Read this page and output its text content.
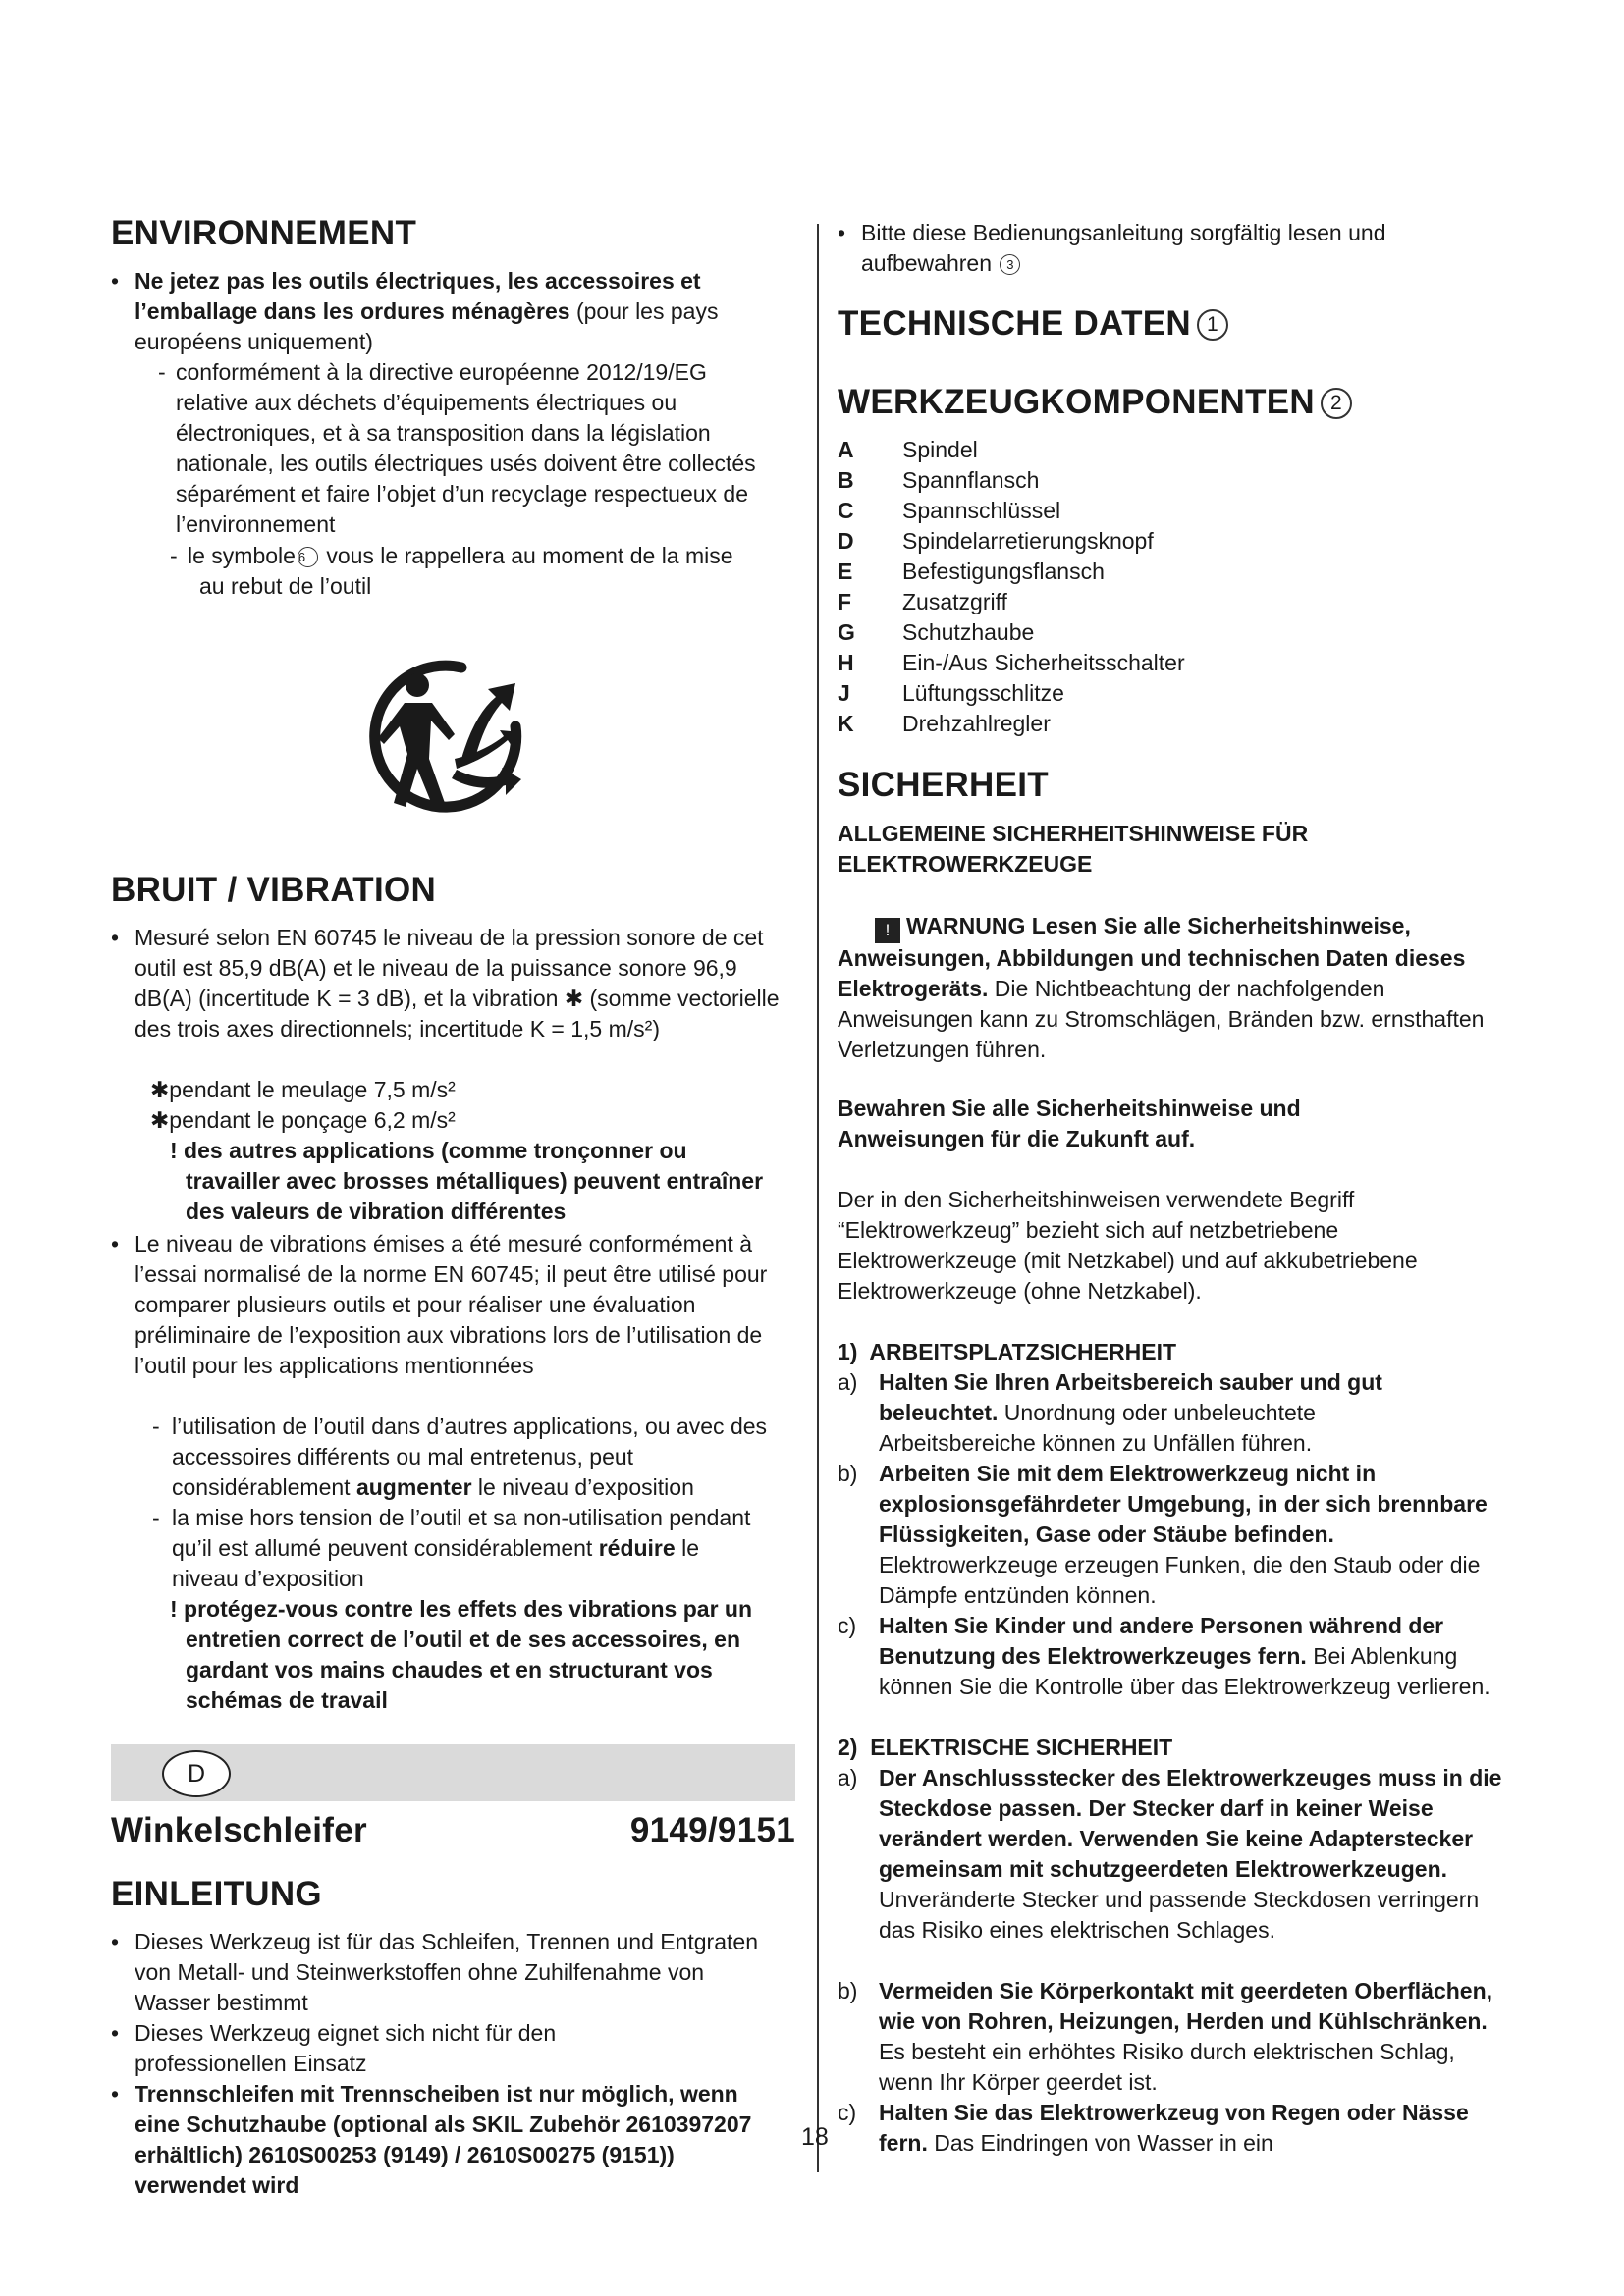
18
ENVIRONNEMENT
• Ne jetez pas les outils électriques, les accessoires et l’emballage dans les ordures ménagères (pour les pays européens uniquement)

- conformément à la directive européenne 2012/19/EG relative aux déchets d’équipements électriques ou électroniques, et à sa transposition dans la législation nationale, les outils électriques usés doivent être collectés séparément et faire l’objet d’un recyclage respectueux de l’environnement

- le symbole 6 vous le rappellera au moment de la mise au rebut de l’outil

BRUIT / VIBRATION
• Mesuré selon EN 60745 le niveau de la pression sonore de cet outil est 85,9 dB(A) et le niveau de la puissance sonore 96,9 dB(A) (incertitude K = 3 dB), et la vibration ✱ (somme vectorielle des trois axes directionnels; incertitude K = 1,5 m/s²)

✱pendant le meulage 7,5 m/s²

✱pendant le ponçage 6,2 m/s²

! des autres applications (comme tronçonner ou travailler avec brosses métalliques) peuvent entraîner des valeurs de vibration différentes

• Le niveau de vibrations émises a été mesuré conformément à l’essai normalisé de la norme EN 60745; il peut être utilisé pour comparer plusieurs outils et pour réaliser une évaluation préliminaire de l’exposition aux vibrations lors de l’utilisation de l’outil pour les applications mentionnées

- l’utilisation de l’outil dans d’autres applications, ou avec des accessoires différents ou mal entretenus, peut considérablement augmenter le niveau d’exposition

- la mise hors tension de l’outil et sa non-utilisation pendant qu’il est allumé peuvent considérablement réduire le niveau d’exposition

! protégez-vous contre les effets des vibrations par un entretien correct de l’outil et de ses accessoires, en gardant vos mains chaudes et en structurant vos schémas de travail

D
Winkelschleifer	9149/9151
EINLEITUNG
• Dieses Werkzeug ist für das Schleifen, Trennen und Entgraten von Metall- und Steinwerkstoffen ohne Zuhilfenahme von Wasser bestimmt

• Dieses Werkzeug eignet sich nicht für den professionellen Einsatz

• Trennschleifen mit Trennscheiben ist nur möglich, wenn eine Schutzhaube (optional als SKIL Zubehör 2610397207 erhältlich) 2610S00253 (9149) / 2610S00275 (9151)) verwendet wird

• Bitte diese Bedienungsanleitung sorgfältig lesen und aufbewahren 3

TECHNISCHE DATEN 1
WERKZEUGKOMPONENTEN 2
A Spindel
B Spannflansch
C Spannschlüssel
D Spindelarretierungsknopf
E Befestigungsflansch
F Zusatzgriff
G Schutzhaube
H Ein-/Aus Sicherheitsschalter
J Lüftungsschlitze
K Drehzahlregler
SICHERHEIT

ALLGEMEINE SICHERHEITSHINWEISE FÜR ELEKTROWERKZEUGE

! WARNUNG Lesen Sie alle Sicherheitshinweise, Anweisungen, Abbildungen und technischen Daten dieses Elektrogeräts. Die Nichtbeachtung der nachfolgenden Anweisungen kann zu Stromschlägen, Bränden bzw. ernsthaften Verletzungen führen.

Bewahren Sie alle Sicherheitshinweise und Anweisungen für die Zukunft auf.

Der in den Sicherheitshinweisen verwendete Begriff “Elektrowerkzeug” bezieht sich auf netzbetriebene Elektrowerkzeuge (mit Netzkabel) und auf akkubetriebene Elektrowerkzeuge (ohne Netzkabel).

1)  ARBEITSPLATZSICHERHEIT

a) Halten Sie Ihren Arbeitsbereich sauber und gut beleuchtet. Unordnung oder unbeleuchtete Arbeitsbereiche können zu Unfällen führen.

b) Arbeiten Sie mit dem Elektrowerkzeug nicht in explosionsgefährdeter Umgebung, in der sich brennbare Flüssigkeiten, Gase oder Stäube befinden. Elektrowerkzeuge erzeugen Funken, die den Staub oder die Dämpfe entzünden können.

c) Halten Sie Kinder und andere Personen während der Benutzung des Elektrowerkzeuges fern. Bei Ablenkung können Sie die Kontrolle über das Elektrowerkzeug verlieren.

2)  ELEKTRISCHE SICHERHEIT

a) Der Anschlussstecker des Elektrowerkzeuges muss in die Steckdose passen. Der Stecker darf in keiner Weise verändert werden. Verwenden Sie keine Adapterstecker gemeinsam mit schutzgeerdeten Elektrowerkzeugen. Unveränderte Stecker und passende Steckdosen verringern das Risiko eines elektrischen Schlages.

b) Vermeiden Sie Körperkontakt mit geerdeten Oberflächen, wie von Rohren, Heizungen, Herden und Kühlschränken. Es besteht ein erhöhtes Risiko durch elektrischen Schlag, wenn Ihr Körper geerdet ist.

c) Halten Sie das Elektrowerkzeug von Regen oder Nässe fern. Das Eindringen von Wasser in ein
